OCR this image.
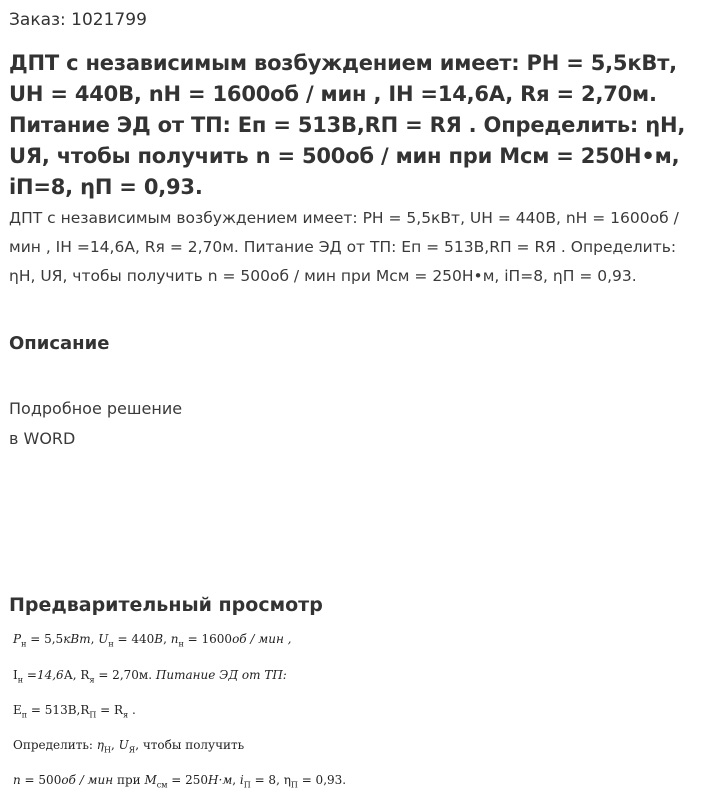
Заказ: 1021799
ДПТ с независимым возбуждением имеет: PH = 5,5кВт, UH = 440B, nH = 1600об / мин , IH =14,6A, Rя = 2,70м. Питание ЭД от ТП: Еп = 513В,RП = RЯ . Определить: ηН, UЯ, чтобы получить n = 500об / мин при Мсм = 250Н•м, iП=8, ηП = 0,93.
ДПТ с независимым возбуждением имеет: PH = 5,5кВт, UH = 440B, nH = 1600об / мин , IH =14,6A, Rя = 2,70м. Питание ЭД от ТП: Еп = 513В,RП = RЯ . Определить: ηН, UЯ, чтобы получить n = 500об / мин при Мсм = 250Н•м, iП=8, ηП = 0,93.
Описание
Подробное решение
в WORD
Предварительный просмотр
$P_н = 5,5кВт$, $U_н = 440В$, $n_н = 1600об$ / мин ,
$I_н =14,6А$, $R_я = 2,70м$. Питание ЭД от ТП:
$E_п = 513В,R_П = R_я$ .
Определить: $\eta_Н$, $U_Я$, чтобы получить
n = 500об / мин при $M_{см} = 250Н\cdot м$, $i_П = 8$, $\eta_П = 0,93$.
